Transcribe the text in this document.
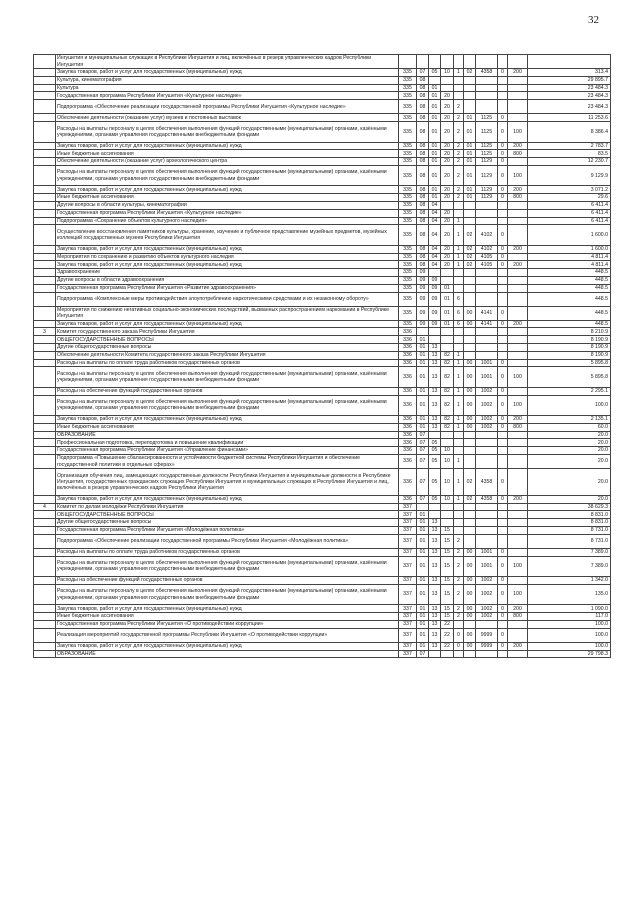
32
	Ингушетия и муниципальных служащих в Республике Ингушетия и лиц, включённых в резерв управленческих кадров Республики Ингушетия										
	Закупка товаров, работ и услуг для государственных (муниципальных) нужд	335	07	05	10	1	02	4358	0	200	313.4
	Культура, кинематография	335	08								29 895.7
	Культура	335	08	01							23 484.3
	Государственная программа Республики Ингушетия «Культурное наследие»	335	08	01	20						23 484.3
	Подпрограмма «Обеспечение реализации государственной программы Республики Ингушетия «Культурное наследие»	335	08	01	20	2					23 484.3
	Обеспечение деятельности (оказание услуг) музеев и постоянных выставок	335	08	01	20	2	01	1125	0		11 253.6
	Расходы на выплаты персоналу в целях обеспечения выполнения функций государственными (муниципальными) органами, казёнными учреждениями, органами управления государственными внебюджетными фондами	335	08	01	20	2	01	1125	0	100	8 386.4
	Закупка товаров, работ и услуг для государственных (муниципальных) нужд	335	08	01	20	2	01	1125	0	200	2 783.7
	Иные бюджетные ассигнования	335	08	01	20	2	01	1125	0	800	83.5
	Обеспечение деятельности (оказание услуг) археологического центра	335	08	01	20	2	01	1129	0		12 230.7
	Расходы на выплаты персоналу в целях обеспечения выполнения функций государственными (муниципальными) органами, казёнными учреждениями, органами управления государственными внебюджетными фондами	335	08	01	20	2	01	1129	0	100	9 129.9
	Закупка товаров, работ и услуг для государственных (муниципальных) нужд	335	08	01	20	2	01	1129	0	200	3 071.2
	Иные бюджетные ассигнования	335	08	01	20	2	01	1129	0	800	29.6
	Другие вопросы в области культуры, кинематографии	335	08	04							6 411.4
	Государственная программа Республики Ингушетия «Культурное наследие»	335	08	04	20						6 411.4
	Подпрограмма «Сохранение объектов культурного наследия»	335	08	04	20	1					6 411.4
	Осуществление восстановления памятников культуры, хранение, изучение и публичное представление музейных предметов, музейных коллекций государственных музеев Республики Ингушетия	335	08	04	20	1	02	4102	0		1 600.0
	Закупка товаров, работ и услуг для государственных (муниципальных) нужд	335	08	04	20	1	02	4102	0	200	1 600.0
	Мероприятия по сохранению и развитию объектов культурного наследия	335	08	04	20	1	02	4105	0		4 811.4
	Закупка товаров, работ и услуг для государственных (муниципальных) нужд	335	08	04	20	1	02	4105	0	200	4 811.4
	Здравоохранение	335	09								448.5
	Другие вопросы в области здравоохранения	335	09	09							448.5
	Государственная программа Республики Ингушетия «Развитие здравоохранения»	335	09	09	01						448.5
	Подпрограмма «Комплексные меры противодействия злоупотреблению наркотическими средствами и их незаконному обороту»	335	09	09	01	6					448.5
	Мероприятия по снижению негативных социально-экономических последствий, вызванных распространением наркомании в Республике Ингушетия	335	09	09	01	6	00	4141	0		448.5
	Закупка товаров, работ и услуг для государственных (муниципальных) нужд	335	09	09	01	6	00	4141	0	200	448.5
3	Комитет государственного заказа Республики Ингушетия	336									8 210.9
	ОБЩЕГОСУДАРСТВЕННЫЕ ВОПРОСЫ	336	01								8 190.9
	Другие общегосударственные вопросы	336	01	13							8 190.9
	Обеспечение деятельности Комитета государственного заказа Республики Ингушетия	336	01	13	82	1					8 190.9
	Расходы на выплаты по оплате труда работников государственных органов	336	01	13	82	1	00	1001	0		5 895.8
	Расходы на выплаты персоналу в целях обеспечения выполнения функций государственными (муниципальными) органами, казёнными учреждениями, органами управления государственными внебюджетными фондами	336	01	13	82	1	00	1001	0	100	5 895.8
	Расходы на обеспечение функций государственных органов	336	01	13	82	1	00	1002	0		2 295.1
	Расходы на выплаты персоналу в целях обеспечения выполнения функций государственными (муниципальными) органами, казёнными учреждениями, органами управления государственными внебюджетными фондами	336	01	13	82	1	00	1002	0	100	100.0
	Закупка товаров, работ и услуг для государственных (муниципальных) нужд	336	01	13	82	1	00	1002	0	200	2 135.1
	Иные бюджетные ассигнования	336	01	13	82	1	00	1002	0	800	60.0
	ОБРАЗОВАНИЕ	336	07								20.0
	Профессиональная подготовка, переподготовка и повышение квалификации	336	07	05							20.0
	Государственная программа Республики Ингушетия «Управление финансами»	336	07	05	10						20.0
	Подпрограмма «Повышение сбалансированности и устойчивости бюджетной системы Республики Ингушетия и обеспечение государственной политики в отдельных сферах»	336	07	05	10	1					20.0
	Организация обучения лиц, замещающих государственные должности Республики Ингушетия и муниципальные должности в Республике Ингушетия, государственных гражданских служащих Республики Ингушетия и муниципальных служащих в Республике Ингушетия и лиц, включённых в резерв управленческих кадров Республики Ингушетия	336	07	05	10	1	02	4358	0		20.0
	Закупка товаров, работ и услуг для государственных (муниципальных) нужд	336	07	05	10	1	02	4358	0	200	20.0
4	Комитет по делам молодёжи Республики Ингушетия	337									38 629.3
	ОБЩЕГОСУДАРСТВЕННЫЕ ВОПРОСЫ	337	01								8 831.0
	Другие общегосударственные вопросы	337	01	13							8 831.0
	Государственная программа Республики Ингушетия «Молодёжная политика»	337	01	13	15						8 731.0
	Подпрограмма «Обеспечение реализации государственной программы Республики Ингушетия «Молодёжная политика»	337	01	13	15	2					8 731.0
	Расходы на выплаты по оплате труда работников государственных органов	337	01	13	15	2	00	1001	0		7 389.0
	Расходы на выплаты персоналу в целях обеспечения выполнения функций государственными (муниципальными) органами, казёнными учреждениями, органами управления государственными внебюджетными фондами	337	01	13	15	2	00	1001	0	100	7 389.0
	Расходы на обеспечение функций государственных органов	337	01	13	15	2	00	1002	0		1 342.0
	Расходы на выплаты персоналу в целях обеспечения выполнения функций государственными (муниципальными) органами, казёнными учреждениями, органами управления государственными внебюджетными фондами	337	01	13	15	2	00	1002	0	100	135.0
	Закупка товаров, работ и услуг для государственных (муниципальных) нужд	337	01	13	15	2	00	1002	0	200	1 090.0
	Иные бюджетные ассигнования	337	01	13	15	2	00	1002	0	800	117.0
	Государственная программа Республики Ингушетия «О противодействии коррупции»	337	01	13	22						100.0
	Реализация мероприятий государственной программы Республики Ингушетия «О противодействии коррупции»	337	01	13	22	0	00	9999	0		100.0
	Закупка товаров, работ и услуг для государственных (муниципальных) нужд	337	01	13	22	0	00	9999	0	200	100.0
	ОБРАЗОВАНИЕ	337	07								29 798.3
